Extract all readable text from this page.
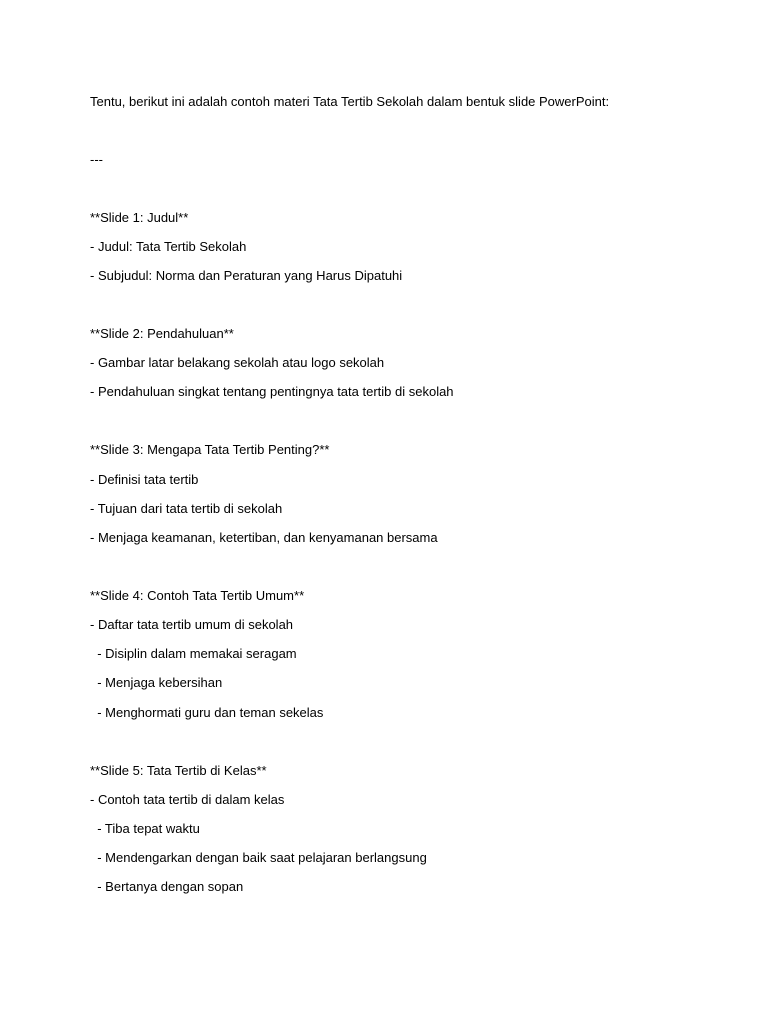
Tentu, berikut ini adalah contoh materi Tata Tertib Sekolah dalam bentuk slide PowerPoint:
---
**Slide 1: Judul**
- Judul: Tata Tertib Sekolah
- Subjudul: Norma dan Peraturan yang Harus Dipatuhi
**Slide 2: Pendahuluan**
- Gambar latar belakang sekolah atau logo sekolah
- Pendahuluan singkat tentang pentingnya tata tertib di sekolah
**Slide 3: Mengapa Tata Tertib Penting?**
- Definisi tata tertib
- Tujuan dari tata tertib di sekolah
- Menjaga keamanan, ketertiban, dan kenyamanan bersama
**Slide 4: Contoh Tata Tertib Umum**
- Daftar tata tertib umum di sekolah
- Disiplin dalam memakai seragam
- Menjaga kebersihan
- Menghormati guru dan teman sekelas
**Slide 5: Tata Tertib di Kelas**
- Contoh tata tertib di dalam kelas
- Tiba tepat waktu
- Mendengarkan dengan baik saat pelajaran berlangsung
- Bertanya dengan sopan
